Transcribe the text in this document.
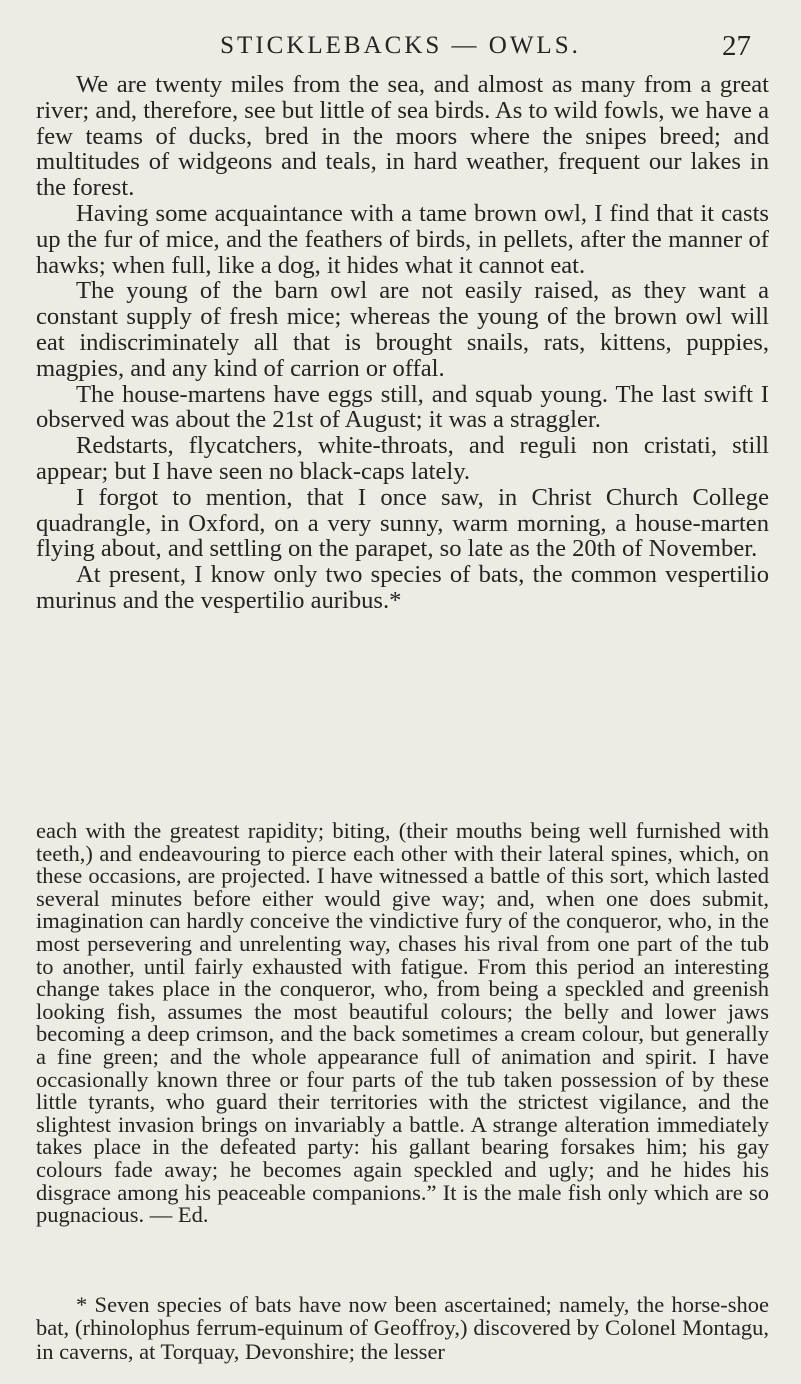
STICKLEBACKS — OWLS.	27

We are twenty miles from the sea, and almost as many from a great river; and, therefore, see but little of sea birds. As to wild fowls, we have a few teams of ducks, bred in the moors where the snipes breed; and multitudes of widgeons and teals, in hard weather, frequent our lakes in the forest.

Having some acquaintance with a tame brown owl, I find that it casts up the fur of mice, and the feathers of birds, in pellets, after the manner of hawks; when full, like a dog, it hides what it cannot eat.

The young of the barn owl are not easily raised, as they want a constant supply of fresh mice; whereas the young of the brown owl will eat indiscriminately all that is brought snails, rats, kittens, puppies, magpies, and any kind of carrion or offal.

The house-martens have eggs still, and squab young. The last swift I observed was about the 21st of August; it was a straggler.

Redstarts, flycatchers, white-throats, and reguli non cristati, still appear; but I have seen no black-caps lately.

I forgot to mention, that I once saw, in Christ Church College quadrangle, in Oxford, on a very sunny, warm morning, a house-marten flying about, and settling on the parapet, so late as the 20th of November.

At present, I know only two species of bats, the common vespertilio murinus and the vespertilio auribus.*

each with the greatest rapidity; biting, (their mouths being well furnished with teeth,) and endeavouring to pierce each other with their lateral spines, which, on these occasions, are projected. I have witnessed a battle of this sort, which lasted several minutes before either would give way; and, when one does submit, imagination can hardly conceive the vindictive fury of the conqueror, who, in the most persevering and unrelenting way, chases his rival from one part of the tub to another, until fairly exhausted with fatigue. From this period an interesting change takes place in the conqueror, who, from being a speckled and greenish looking fish, assumes the most beautiful colours; the belly and lower jaws becoming a deep crimson, and the back sometimes a cream colour, but generally a fine green; and the whole appearance full of animation and spirit. I have occasionally known three or four parts of the tub taken possession of by these little tyrants, who guard their territories with the strictest vigilance, and the slightest invasion brings on invariably a battle. A strange alteration immediately takes place in the defeated party: his gallant bearing forsakes him; his gay colours fade away; he becomes again speckled and ugly; and he hides his disgrace among his peaceable companions.” It is the male fish only which are so pugnacious. — Ed.

* Seven species of bats have now been ascertained; namely, the horse-shoe bat, (rhinolophus ferrum-equinum of Geoffroy,) discovered by Colonel Montagu, in caverns, at Torquay, Devonshire; the lesser
